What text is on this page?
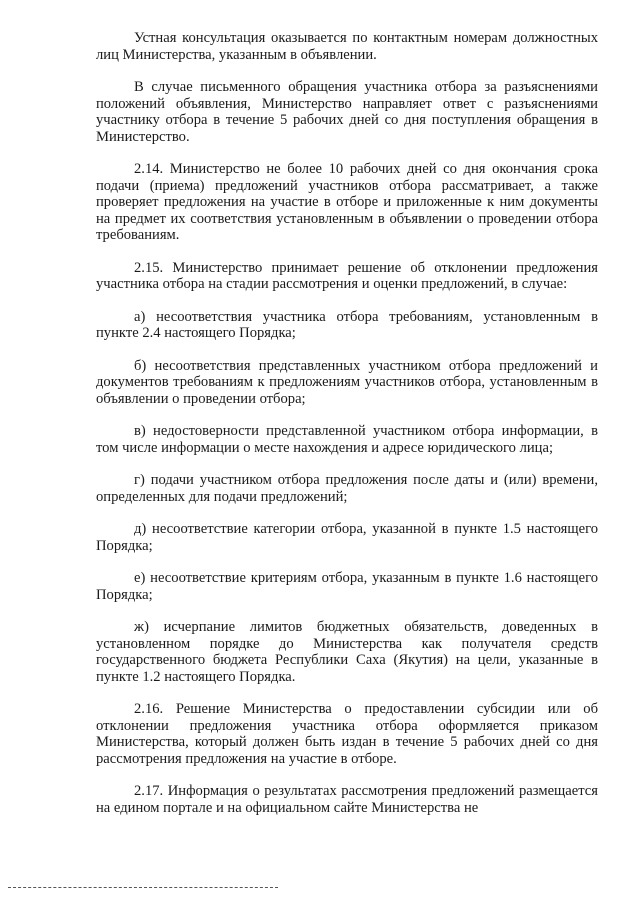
Устная консультация оказывается по контактным номерам должностных лиц Министерства, указанным в объявлении.

В случае письменного обращения участника отбора за разъяснениями положений объявления, Министерство направляет ответ с разъяснениями участнику отбора в течение 5 рабочих дней со дня поступления обращения в Министерство.

2.14. Министерство не более 10 рабочих дней со дня окончания срока подачи (приема) предложений участников отбора рассматривает, а также проверяет предложения на участие в отборе и приложенные к ним документы на предмет их соответствия установленным в объявлении о проведении отбора требованиям.

2.15. Министерство принимает решение об отклонении предложения участника отбора на стадии рассмотрения и оценки предложений, в случае:

а) несоответствия участника отбора требованиям, установленным в пункте 2.4 настоящего Порядка;

б) несоответствия представленных участником отбора предложений и документов требованиям к предложениям участников отбора, установленным в объявлении о проведении отбора;

в) недостоверности представленной участником отбора информации, в том числе информации о месте нахождения и адресе юридического лица;

г) подачи участником отбора предложения после даты и (или) времени, определенных для подачи предложений;

д) несоответствие категории отбора, указанной в пункте 1.5 настоящего Порядка;

е) несоответствие критериям отбора, указанным в пункте 1.6 настоящего Порядка;

ж) исчерпание лимитов бюджетных обязательств, доведенных в установленном порядке до Министерства как получателя средств государственного бюджета Республики Саха (Якутия) на цели, указанные в пункте 1.2 настоящего Порядка.

2.16. Решение Министерства о предоставлении субсидии или об отклонении предложения участника отбора оформляется приказом Министерства, который должен быть издан в течение 5 рабочих дней со дня рассмотрения предложения на участие в отборе.

2.17. Информация о результатах рассмотрения предложений размещается на едином портале и на официальном сайте Министерства не
